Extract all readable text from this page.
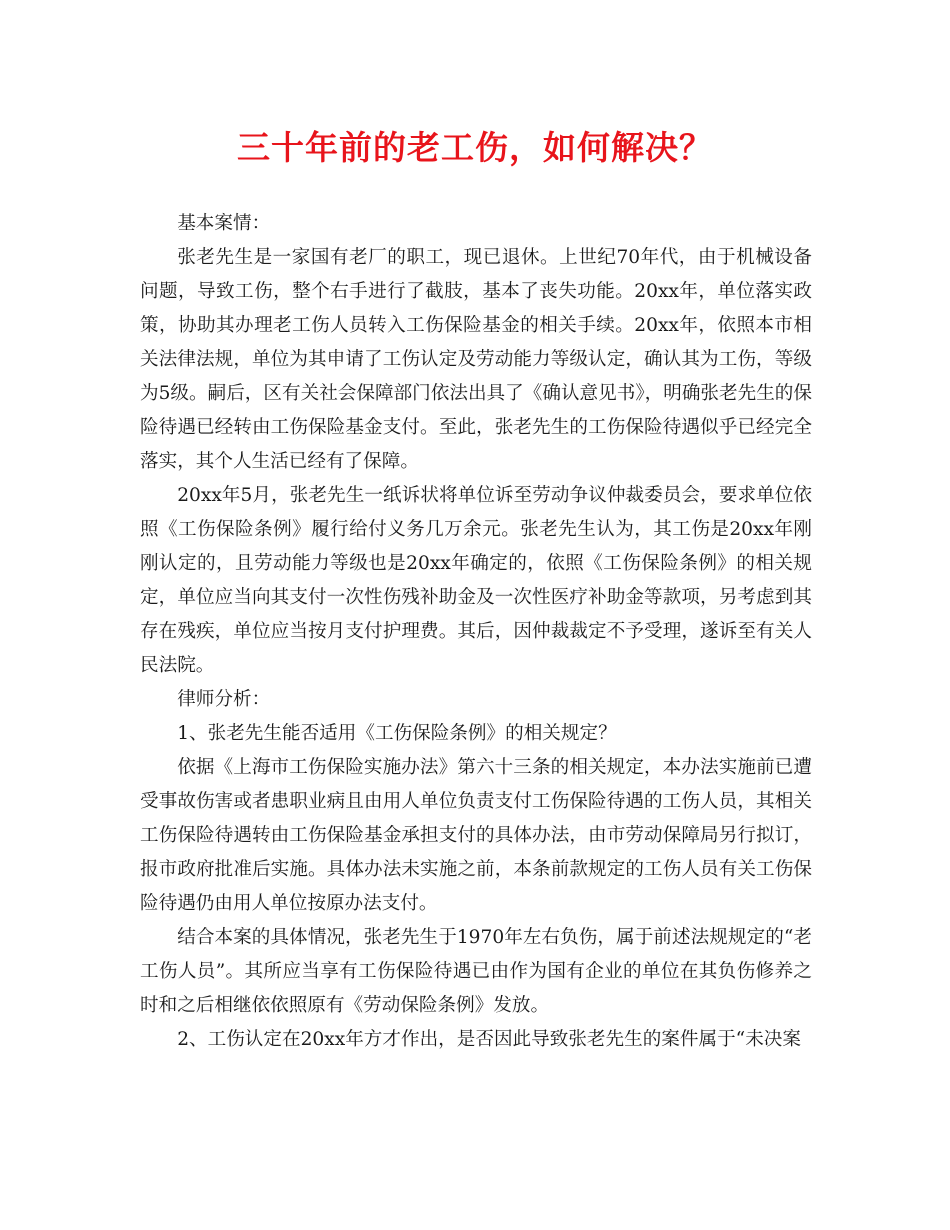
三十年前的老工伤，如何解决？

基本案情：

张老先生是一家国有老厂的职工，现已退休。上世纪70年代，由于机械设备问题，导致工伤，整个右手进行了截肢，基本了丧失功能。20xx年，单位落实政策，协助其办理老工伤人员转入工伤保险基金的相关手续。20xx年，依照本市相关法律法规，单位为其申请了工伤认定及劳动能力等级认定，确认其为工伤，等级为5级。嗣后，区有关社会保障部门依法出具了《确认意见书》，明确张老先生的保险待遇已经转由工伤保险基金支付。至此，张老先生的工伤保险待遇似乎已经完全落实，其个人生活已经有了保障。

20xx年5月，张老先生一纸诉状将单位诉至劳动争议仲裁委员会，要求单位依照《工伤保险条例》履行给付义务几万余元。张老先生认为，其工伤是20xx年刚刚认定的，且劳动能力等级也是20xx年确定的，依照《工伤保险条例》的相关规定，单位应当向其支付一次性伤残补助金及一次性医疗补助金等款项，另考虑到其存在残疾，单位应当按月支付护理费。其后，因仲裁裁定不予受理，遂诉至有关人民法院。

律师分析：

1、张老先生能否适用《工伤保险条例》的相关规定？

依据《上海市工伤保险实施办法》第六十三条的相关规定，本办法实施前已遭受事故伤害或者患职业病且由用人单位负责支付工伤保险待遇的工伤人员，其相关工伤保险待遇转由工伤保险基金承担支付的具体办法，由市劳动保障局另行拟订，报市政府批准后实施。具体办法未实施之前，本条前款规定的工伤人员有关工伤保险待遇仍由用人单位按原办法支付。

结合本案的具体情况，张老先生于1970年左右负伤，属于前述法规规定的“老工伤人员”。其所应当享有工伤保险待遇已由作为国有企业的单位在其负伤修养之时和之后相继依依照原有《劳动保险条例》发放。

2、工伤认定在20xx年方才作出，是否因此导致张老先生的案件属于“未决案
